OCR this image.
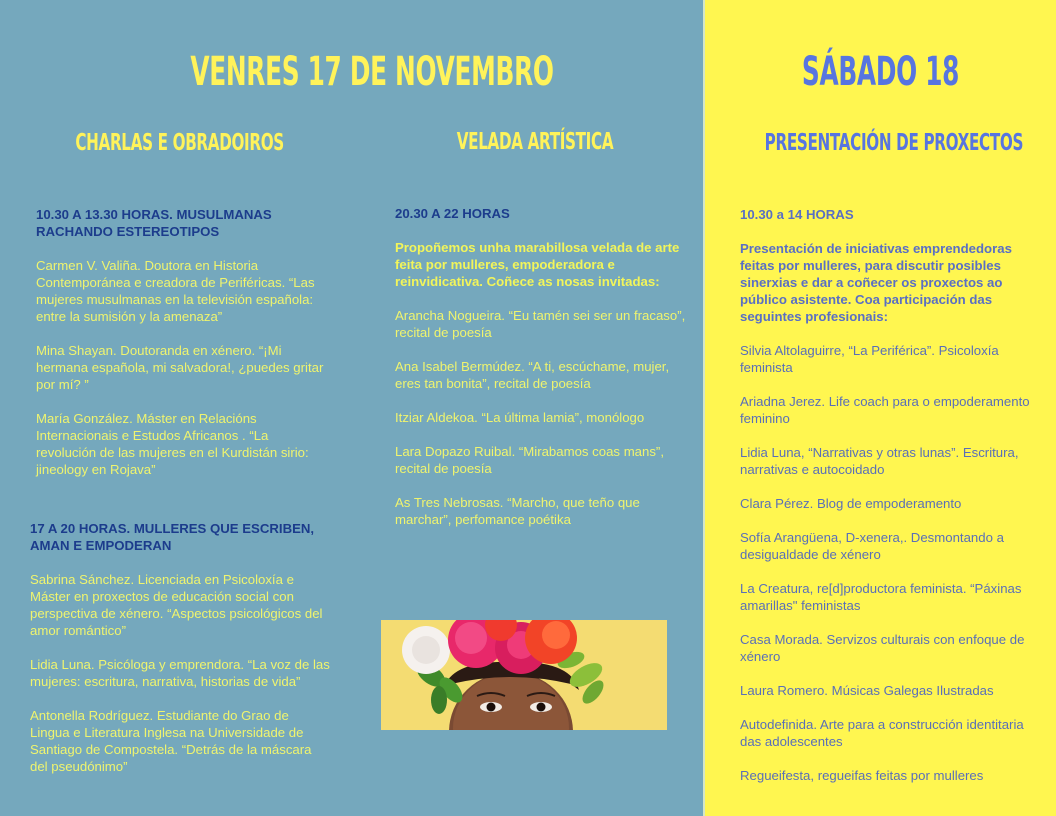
VENRES 17 DE NOVEMBRO
CHARLAS E OBRADOIROS	VELADA ARTÍSTICA
SÁBADO 18
PRESENTACIÓN DE PROXECTOS

10.30 A 13.30 HORAS. MUSULMANAS RACHANDO ESTEREOTIPOS

Carmen V. Valiña. Doutora en Historia Contemporánea e creadora de Periféricas. “Las mujeres musulmanas en la televisión española: entre la sumisión y la amenaza”

Mina Shayan. Doutoranda en xénero. “¡Mi hermana española, mi salvadora!, ¿puedes gritar por mí? ”

María González. Máster en Relacións Internacionais e Estudos Africanos . “La revolución de las mujeres en el Kurdistán sirio: jineology en Rojava”

17 A 20 HORAS. MULLERES QUE ESCRIBEN, AMAN E EMPODERAN

Sabrina Sánchez. Licenciada en Psicoloxía e Máster en proxectos de educación social con perspectiva de xénero. “Aspectos psicológicos del amor romántico”

Lidia Luna. Psicóloga y emprendora. “La voz de las mujeres: escritura, narrativa, historias de vida”

Antonella Rodríguez. Estudiante do Grao de Lingua e Literatura Inglesa na Universidade de Santiago de Compostela. “Detrás de la máscara del pseudónimo”

20.30 A 22 HORAS

Propoñemos unha marabillosa velada de arte feita por mulleres, empoderadora e reinvidicativa. Coñece as nosas invitadas:

Arancha Nogueira. “Eu tamén sei ser un fracaso”, recital de poesía

Ana Isabel Bermúdez. “A ti, escúchame, mujer, eres tan bonita”, recital de poesía

Itziar Aldekoa. “La última lamia”, monólogo

Lara Dopazo Ruibal. “Mirabamos coas mans”, recital de poesía

As Tres Nebrosas. “Marcho, que teño que marchar”, perfomance poétika

10.30 a 14 HORAS

Presentación de iniciativas emprendedoras feitas por mulleres, para discutir posibles sinerxias e dar a coñecer os proxectos ao público asistente. Coa participación das seguintes profesionais:

Silvia Altolaguirre, “La Periférica”. Psicoloxía feminista

Ariadna Jerez. Life coach para o empoderamento feminino

Lidia Luna, “Narrativas y otras lunas”. Escritura, narrativas e autocoidado

Clara Pérez. Blog de empoderamento

Sofía Arangüena, D-xenera,. Desmontando a desigualdade de xénero

La Creatura, re[d]productora feminista. “Páxinas amarillas" feministas

Casa Morada. Servizos culturais con enfoque de xénero

Laura Romero. Músicas Galegas Ilustradas

Autodefinida. Arte para a construcción identitaria das adolescentes

Regueifesta, regueifas feitas por mulleres
